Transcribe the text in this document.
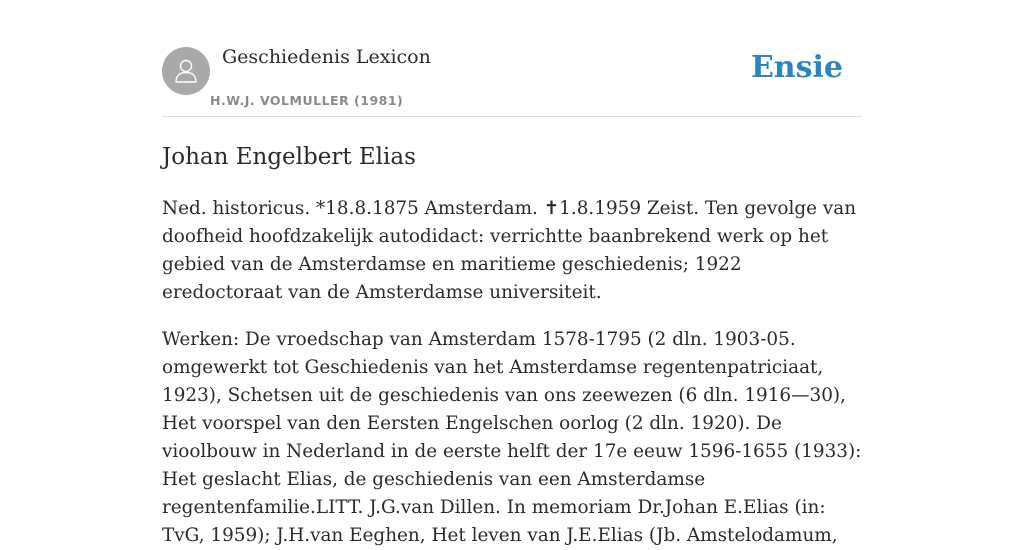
Geschiedenis Lexicon
H.W.J. VOLMULLER (1981)
Ensie
Johan Engelbert Elias

Ned. historicus. *18.8.1875 Amsterdam. ✝1.8.1959 Zeist. Ten gevolge van doofheid hoofdzakelijk autodidact: verrichtte baanbrekend werk op het gebied van de Amsterdamse en maritieme geschiedenis; 1922 eredoctoraat van de Amsterdamse universiteit.

Werken: De vroedschap van Amsterdam 1578-1795 (2 dln. 1903-05. omgewerkt tot Geschiedenis van het Amsterdamse regentenpatriciaat, 1923), Schetsen uit de geschiedenis van ons zeewezen (6 dln. 1916—30), Het voorspel van den Eersten Engelschen oorlog (2 dln. 1920). De vioolbouw in Nederland in de eerste helft der 17e eeuw 1596-1655 (1933): Het geslacht Elias, de geschiedenis van een Amsterdamse regentenfamilie.LITT. J.G.van Dillen. In memoriam Dr.Johan E.Elias (in: TvG, 1959); J.H.van Eeghen, Het leven van J.E.Elias (Jb. Amstelodamum,
